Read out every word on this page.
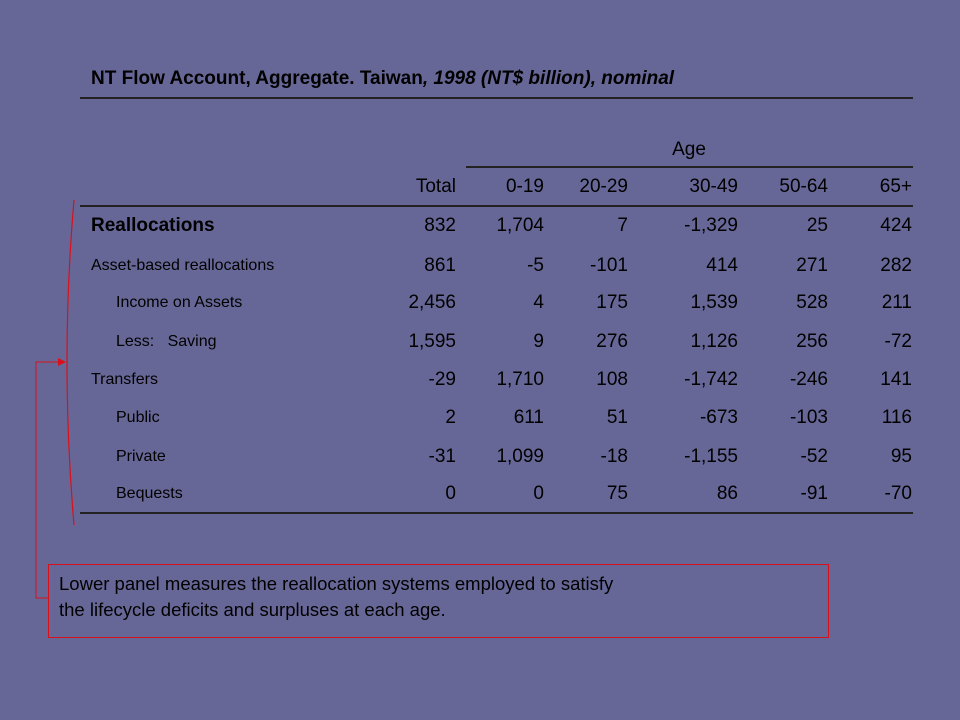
NT Flow Account, Aggregate. Taiwan, 1998 (NT$ billion), nominal
Age
Total	0-19	20-29	30-49	50-64	65+
Reallocations	832	1,704	7	-1,329	25	424
Asset-based reallocations	861	-5	-101	414	271	282
Income on Assets	2,456	4	175	1,539	528	211
Less:   Saving	1,595	9	276	1,126	256	-72
Transfers	-29	1,710	108	-1,742	-246	141
Public	2	611	51	-673	-103	116
Private	-31	1,099	-18	-1,155	-52	95
Bequests	0	0	75	86	-91	-70
Lower panel measures the reallocation systems employed to satisfy
the lifecycle deficits and surpluses at each age.
